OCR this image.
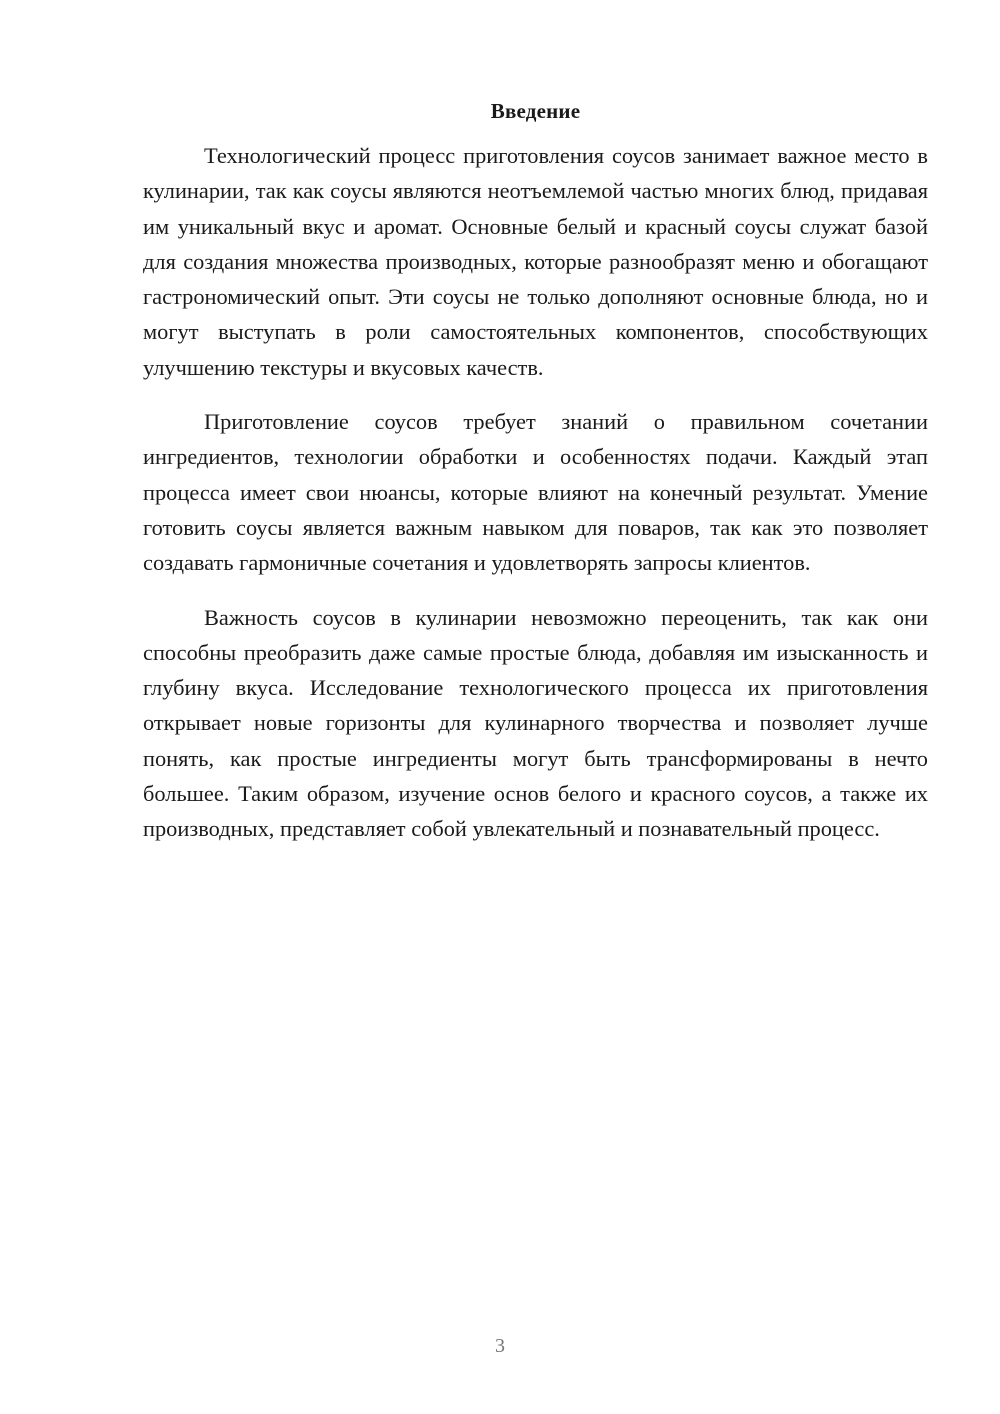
Введение

Технологический процесс приготовления соусов занимает важное место в кулинарии, так как соусы являются неотъемлемой частью многих блюд, придавая им уникальный вкус и аромат. Основные белый и красный соусы служат базой для создания множества производных, которые разнообразят меню и обогащают гастрономический опыт. Эти соусы не только дополняют основные блюда, но и могут выступать в роли самостоятельных компонентов, способствующих улучшению текстуры и вкусовых качеств.

Приготовление соусов требует знаний о правильном сочетании ингредиентов, технологии обработки и особенностях подачи. Каждый этап процесса имеет свои нюансы, которые влияют на конечный результат. Умение готовить соусы является важным навыком для поваров, так как это позволяет создавать гармоничные сочетания и удовлетворять запросы клиентов.

Важность соусов в кулинарии невозможно переоценить, так как они способны преобразить даже самые простые блюда, добавляя им изысканность и глубину вкуса. Исследование технологического процесса их приготовления открывает новые горизонты для кулинарного творчества и позволяет лучше понять, как простые ингредиенты могут быть трансформированы в нечто большее. Таким образом, изучение основ белого и красного соусов, а также их производных, представляет собой увлекательный и познавательный процесс.

3
